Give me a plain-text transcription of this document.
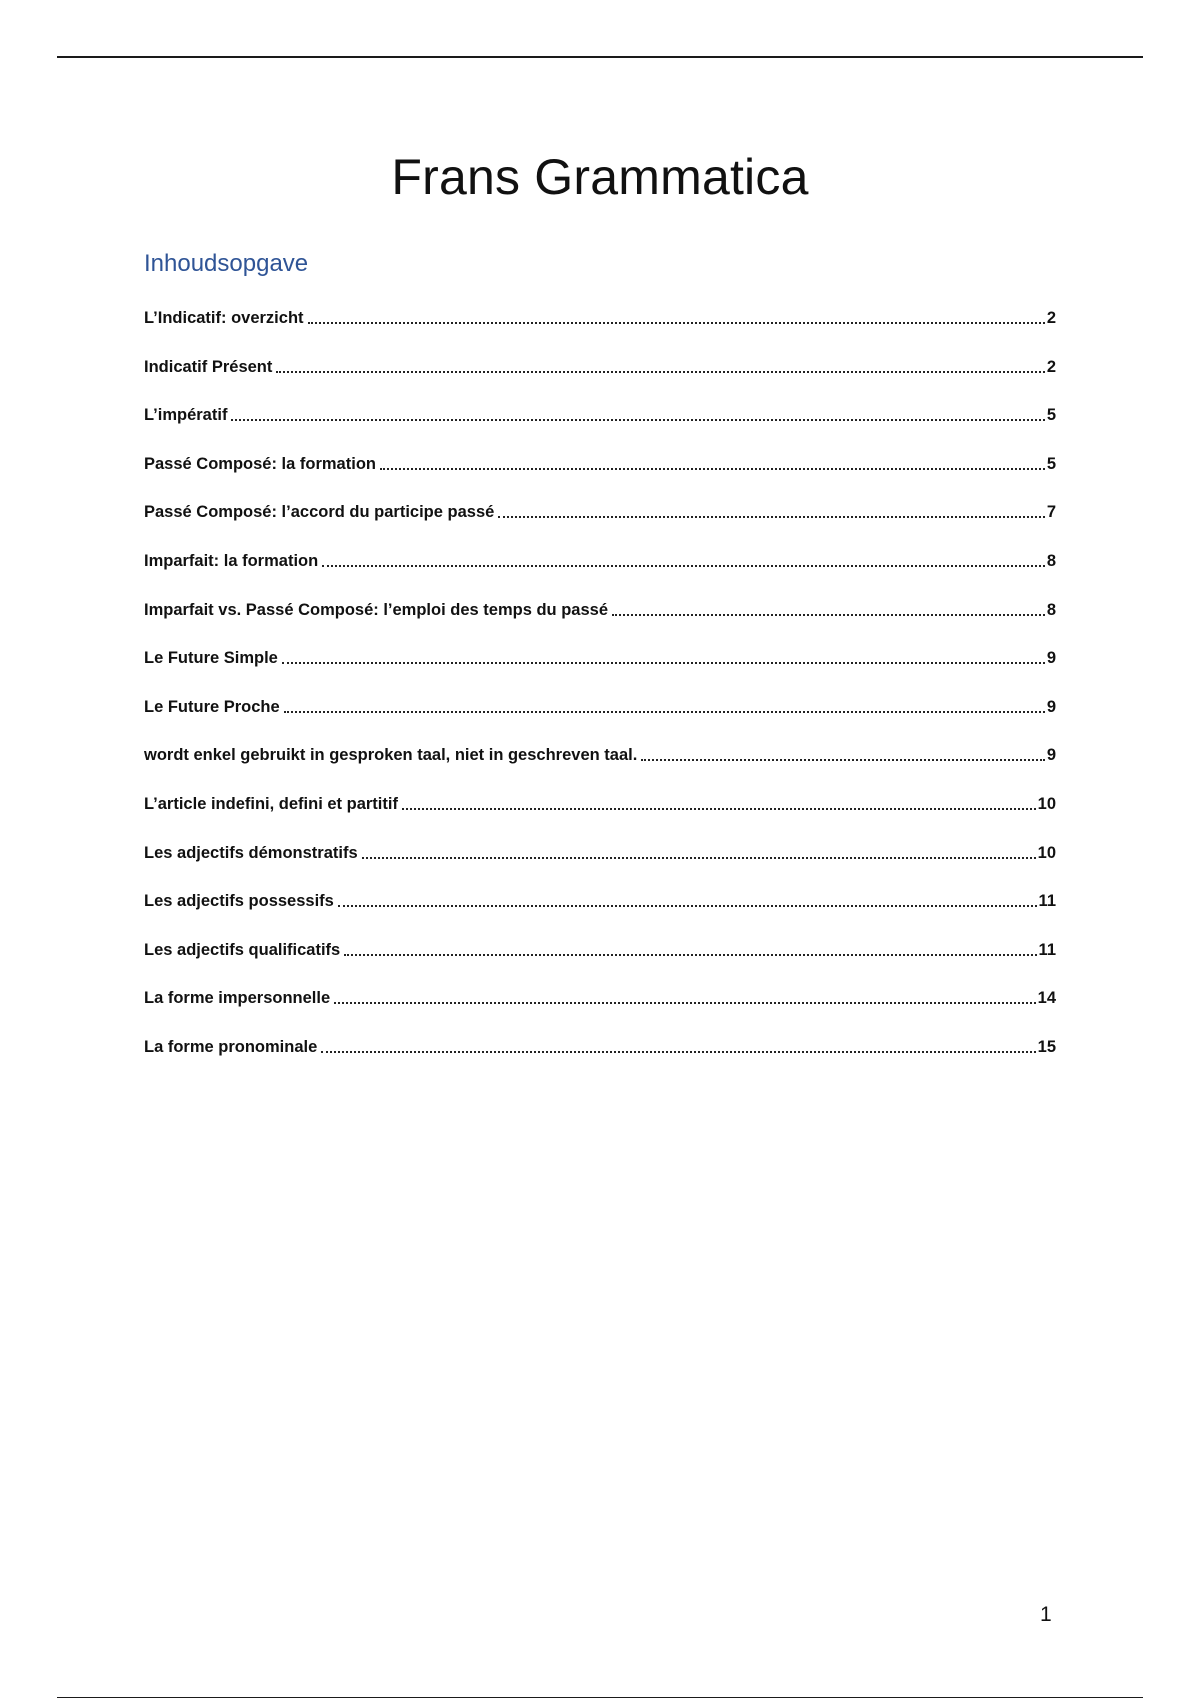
Frans Grammatica
Inhoudsopgave
L’Indicatif: overzicht	2
Indicatif Présent	2
L’impératif	5
Passé Composé: la formation	5
Passé Composé: l’accord du participe passé	7
Imparfait: la formation	8
Imparfait vs. Passé Composé: l’emploi des temps du passé	8
Le Future Simple	9
Le Future Proche	9
wordt enkel gebruikt in gesproken taal, niet in geschreven taal.	9
L’article indefini, defini et partitif	10
Les adjectifs démonstratifs	10
Les adjectifs possessifs	11
Les adjectifs qualificatifs	11
La forme impersonnelle	14
La forme pronominale	15
1
